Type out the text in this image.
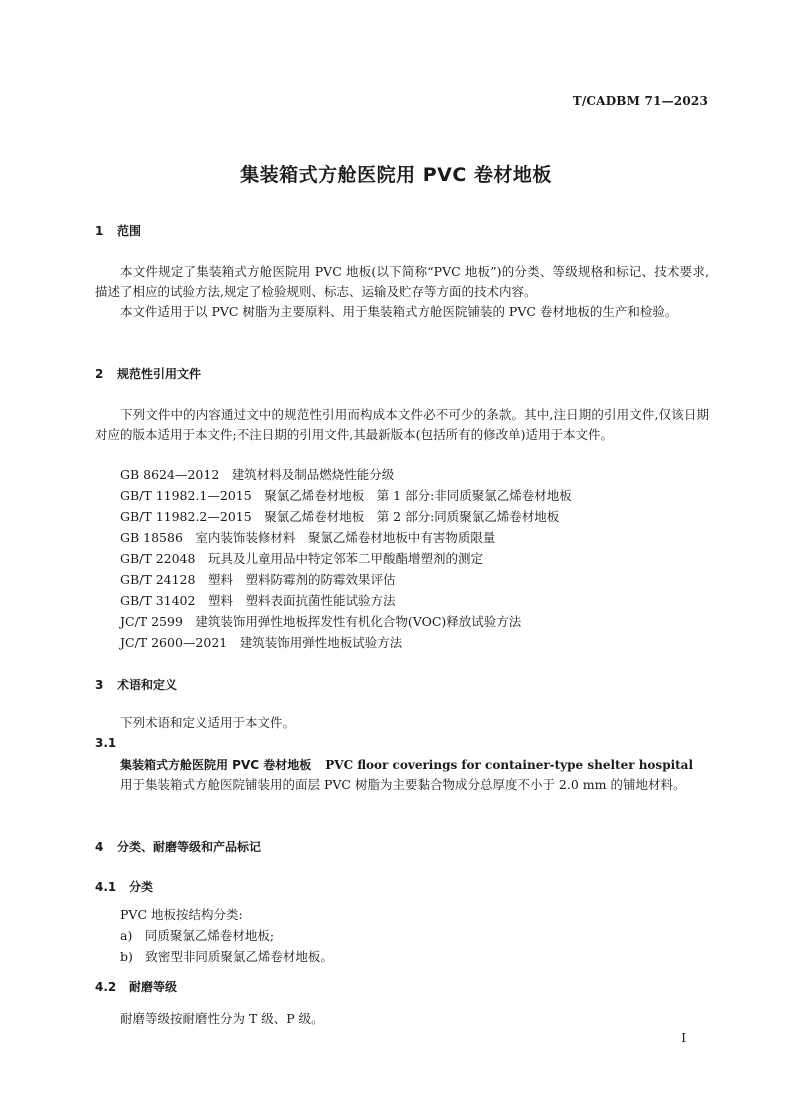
T/CADBM 71—2023
集装箱式方舱医院用 PVC 卷材地板
1 范围

本文件规定了集装箱式方舱医院用 PVC 地板(以下简称“PVC 地板”)的分类、等级规格和标记、技术要求,描述了相应的试验方法,规定了检验规则、标志、运输及贮存等方面的技术内容。

本文件适用于以 PVC 树脂为主要原料、用于集装箱式方舱医院铺装的 PVC 卷材地板的生产和检验。

2 规范性引用文件

下列文件中的内容通过文中的规范性引用而构成本文件必不可少的条款。其中,注日期的引用文件,仅该日期对应的版本适用于本文件;不注日期的引用文件,其最新版本(包括所有的修改单)适用于本文件。

GB 8624—2012　建筑材料及制品燃烧性能分级
GB/T 11982.1—2015　聚氯乙烯卷材地板　第 1 部分:非同质聚氯乙烯卷材地板
GB/T 11982.2—2015　聚氯乙烯卷材地板　第 2 部分:同质聚氯乙烯卷材地板
GB 18586　室内装饰装修材料　聚氯乙烯卷材地板中有害物质限量
GB/T 22048　玩具及儿童用品中特定邻苯二甲酸酯增塑剂的测定
GB/T 24128　塑料　塑料防霉剂的防霉效果评估
GB/T 31402　塑料　塑料表面抗菌性能试验方法
JC/T 2599　建筑装饰用弹性地板挥发性有机化合物(VOC)释放试验方法
JC/T 2600—2021　建筑装饰用弹性地板试验方法
3 术语和定义
下列术语和定义适用于本文件。
3.1
集装箱式方舱医院用 PVC 卷材地板 PVC floor coverings for container-type shelter hospital

用于集装箱式方舱医院铺装用的面层 PVC 树脂为主要黏合物成分总厚度不小于 2.0 mm 的铺地材料。

4 分类、耐磨等级和产品标记
4.1 分类
PVC 地板按结构分类:
a)　同质聚氯乙烯卷材地板;
b)　致密型非同质聚氯乙烯卷材地板。
4.2 耐磨等级
耐磨等级按耐磨性分为 T 级、P 级。
I
